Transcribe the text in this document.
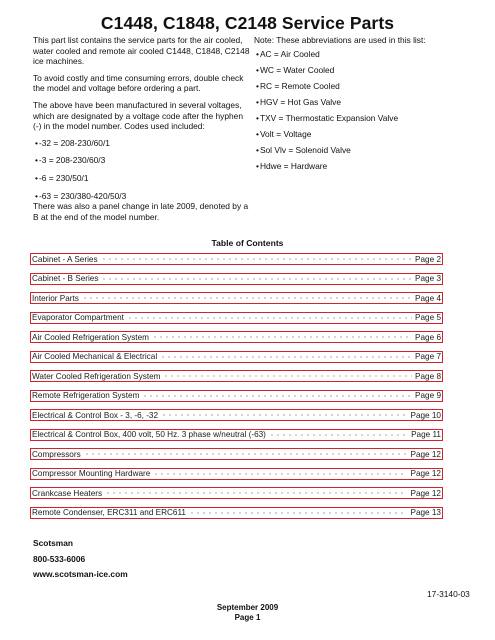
C1448, C1848, C2148 Service Parts

This part list contains the service parts for the air cooled, water cooled and remote air cooled C1448, C1848, C2148 ice machines.

To avoid costly and time consuming errors, double check the model and voltage before ordering a part.

The above have been manufactured in several voltages, which are designated by a voltage code after the hyphen (-) in the model number. Codes used included:

• -32 = 208-230/60/1
• -3 = 208-230/60/3
• -6 = 230/50/1
• -63 = 230/380-420/50/3

There was also a panel change in late 2009, denoted by a B at the end of the model number.

Note: These abbreviations are used in this list:
• AC = Air Cooled
• WC = Water Cooled
• RC = Remote Cooled
• HGV = Hot Gas Valve
• TXV = Thermostatic Expansion Valve
• Volt = Voltage
• Sol Vlv = Solenoid Valve
• Hdwe = Hardware
Table of Contents
Cabinet - A Series	Page 2
Cabinet - B Series	Page 3
Interior Parts	Page 4
Evaporator Compartment	Page 5
Air Cooled Refrigeration System	Page 6
Air Cooled Mechanical & Electrical	Page 7
Water Cooled Refrigeration System	Page 8
Remote Refrigeration System	Page 9
Electrical & Control Box - 3, -6, -32	Page 10
Electrical & Control Box, 400 volt, 50 Hz. 3 phase w/neutral (-63)	Page 11
Compressors	Page 12
Compressor Mounting Hardware	Page 12
Crankcase Heaters	Page 12
Remote Condenser, ERC311 and ERC611	Page 13
Scotsman
800-533-6006
www.scotsman-ice.com
17-3140-03
September 2009
Page 1
